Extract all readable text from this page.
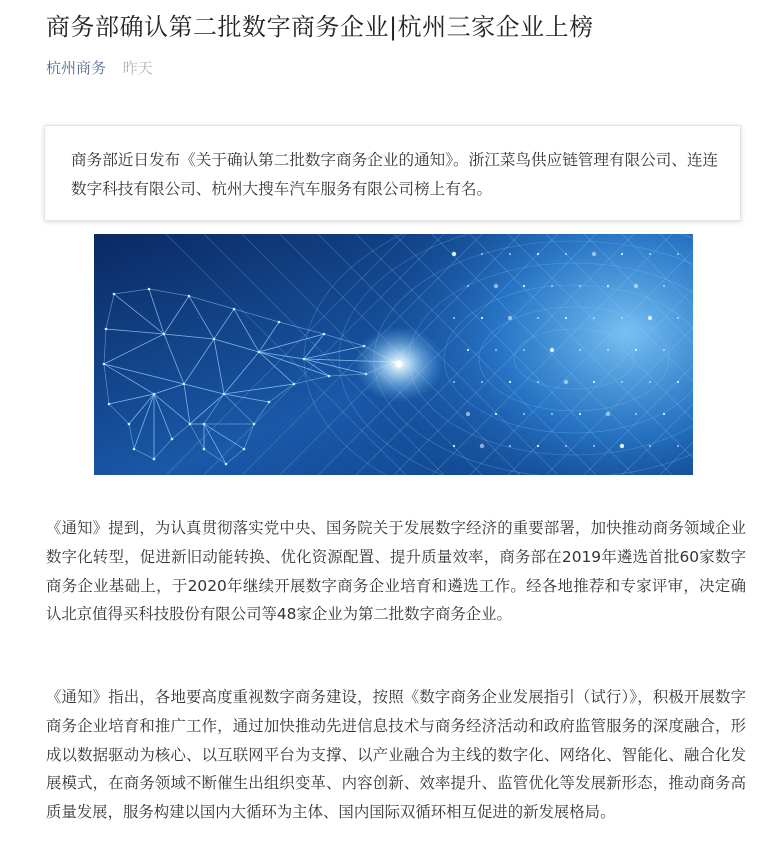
商务部确认第二批数字商务企业|杭州三家企业上榜
杭州商务 昨天
商务部近日发布《关于确认第二批数字商务企业的通知》。浙江菜鸟供应链管理有限公司、连连数字科技有限公司、杭州大搜车汽车服务有限公司榜上有名。
《通知》提到，为认真贯彻落实党中央、国务院关于发展数字经济的重要部署，加快推动商务领域企业数字化转型，促进新旧动能转换、优化资源配置、提升质量效率，商务部在2019年遴选首批60家数字商务企业基础上，于2020年继续开展数字商务企业培育和遴选工作。经各地推荐和专家评审，决定确认北京值得买科技股份有限公司等48家企业为第二批数字商务企业。
《通知》指出，各地要高度重视数字商务建设，按照《数字商务企业发展指引（试行）》，积极开展数字商务企业培育和推广工作，通过加快推动先进信息技术与商务经济活动和政府监管服务的深度融合，形成以数据驱动为核心、以互联网平台为支撑、以产业融合为主线的数字化、网络化、智能化、融合化发展模式，在商务领域不断催生出组织变革、内容创新、效率提升、监管优化等发展新形态，推动商务高质量发展，服务构建以国内大循环为主体、国内国际双循环相互促进的新发展格局。
